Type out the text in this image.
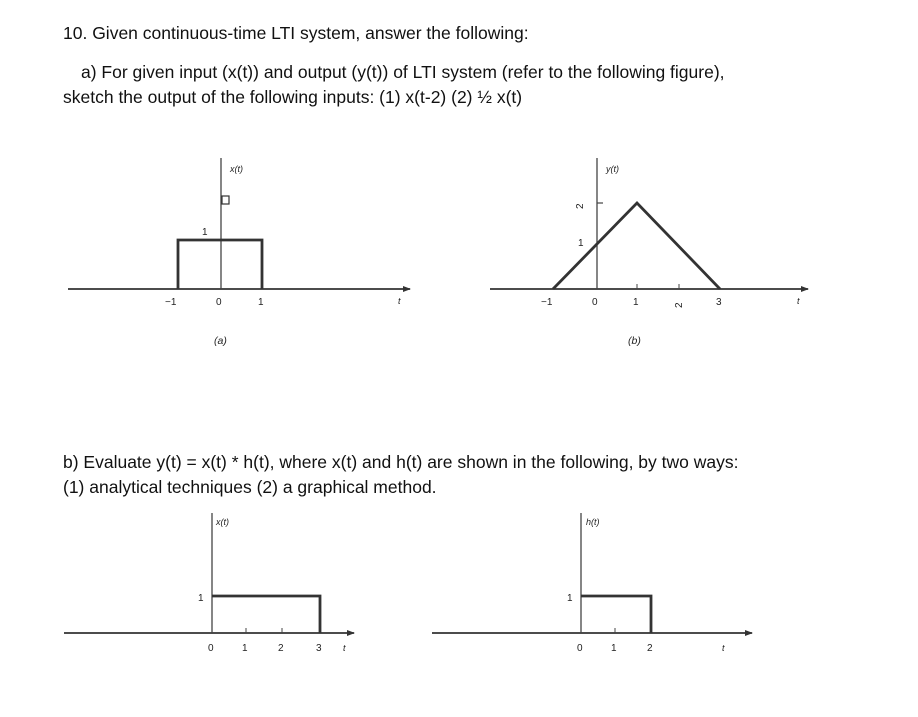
10. Given continuous-time LTI system, answer the following:
a) For given input (x(t)) and output (y(t)) of LTI system (refer to the following figure),
sketch the output of the following inputs: (1) x(t-2) (2) ½ x(t)
b) Evaluate y(t) = x(t) * h(t), where x(t) and h(t) are shown in the following, by two ways:
(1) analytical techniques (2) a graphical method.
x(t)
1
−1	0	1	t
(a)
y(t)
2
1
−1	0	1	2	3	t
(b)
x(t)
1
0	1	2	3 t
h(t)
1
0	1	2	t
